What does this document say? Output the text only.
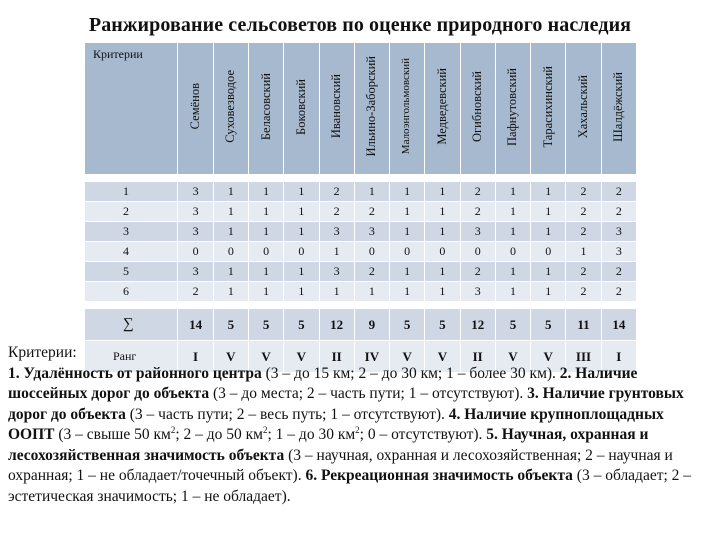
Ранжирование сельсоветов по оценке природного наследия
Критерии	Семёнов	Суховезводое	Беласовский	Боковский	Ивановский	Ильино-Заборский	Малоэнгольмовский	Медведевский	Огибновский	Пафнутовский	Тарасихинский	Хахальский	Шалдёжский

1	3	1	1	1	2	1	1	1	2	1	1	2	2
2	3	1	1	1	2	2	1	1	2	1	1	2	2
3	3	1	1	1	3	3	1	1	3	1	1	2	3
4	0	0	0	0	1	0	0	0	0	0	0	1	3
5	3	1	1	1	3	2	1	1	2	1	1	2	2
6	2	1	1	1	1	1	1	1	3	1	1	2	2

∑	14	5	5	5	12	9	5	5	12	5	5	11	14
Ранг	I	V	V	V	II	IV	V	V	II	V	V	III	I
Критерии:
1. Удалённость от районного центра (3 – до 15 км; 2 – до 30 км; 1 – более 30 км). 2. Наличие шоссейных дорог до объекта (3 – до места; 2 – часть пути; 1 – отсутствуют). 3. Наличие грунтовых дорог до объекта (3 – часть пути; 2 – весь путь; 1 – отсутствуют). 4. Наличие крупноплощадных ООПТ (3 – свыше 50 $км^2$; 2 – до 50 $км^2$; 1 – до 30 $км^2$; 0 – отсутствуют). 5. Научная, охранная и лесохозяйственная значимость объекта (3 – научная, охранная и лесохозяйственная; 2 – научная и охранная; 1 – не обладает/точечный объект). 6. Рекреационная значимость объекта (3 – обладает; 2 – эстетическая значимость; 1 – не обладает).
